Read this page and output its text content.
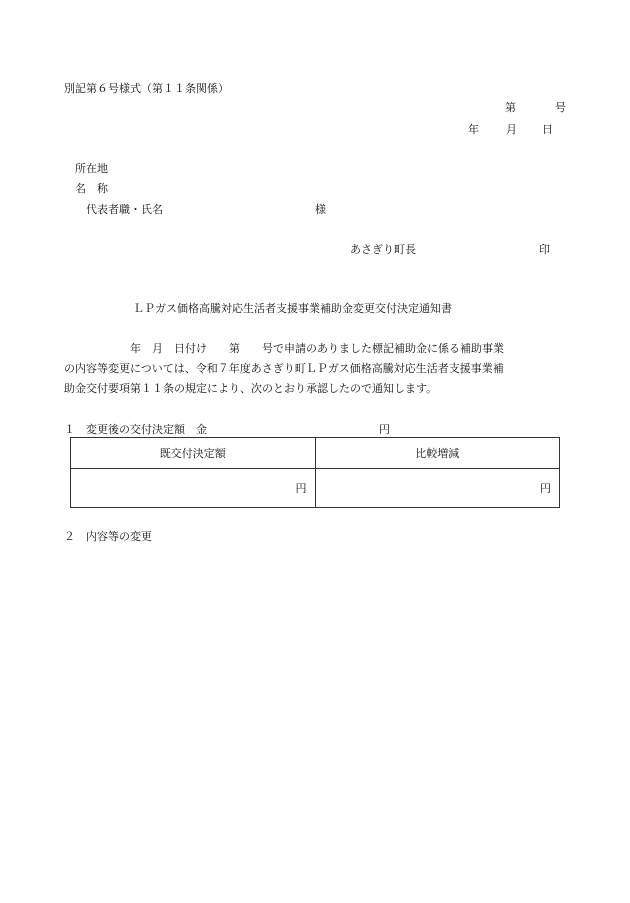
別記第６号様式（第１１条関係）
第	号
年 月 日
所在地
名　称
代表者職・氏名	様
あさぎり町長	印
ＬＰガス価格高騰対応生活者支援事業補助金変更交付決定通知書
　　　　　　年　月　日付け　　第　　号で申請のありました標記補助金に係る補助事業
の内容等変更については、令和７年度あさぎり町ＬＰガス価格高騰対応生活者支援事業補
助金交付要項第１１条の規定により、次のとおり承認したので通知します。
１　変更後の交付決定額　金	円
既交付決定額	比較増減
円	円
２　内容等の変更
